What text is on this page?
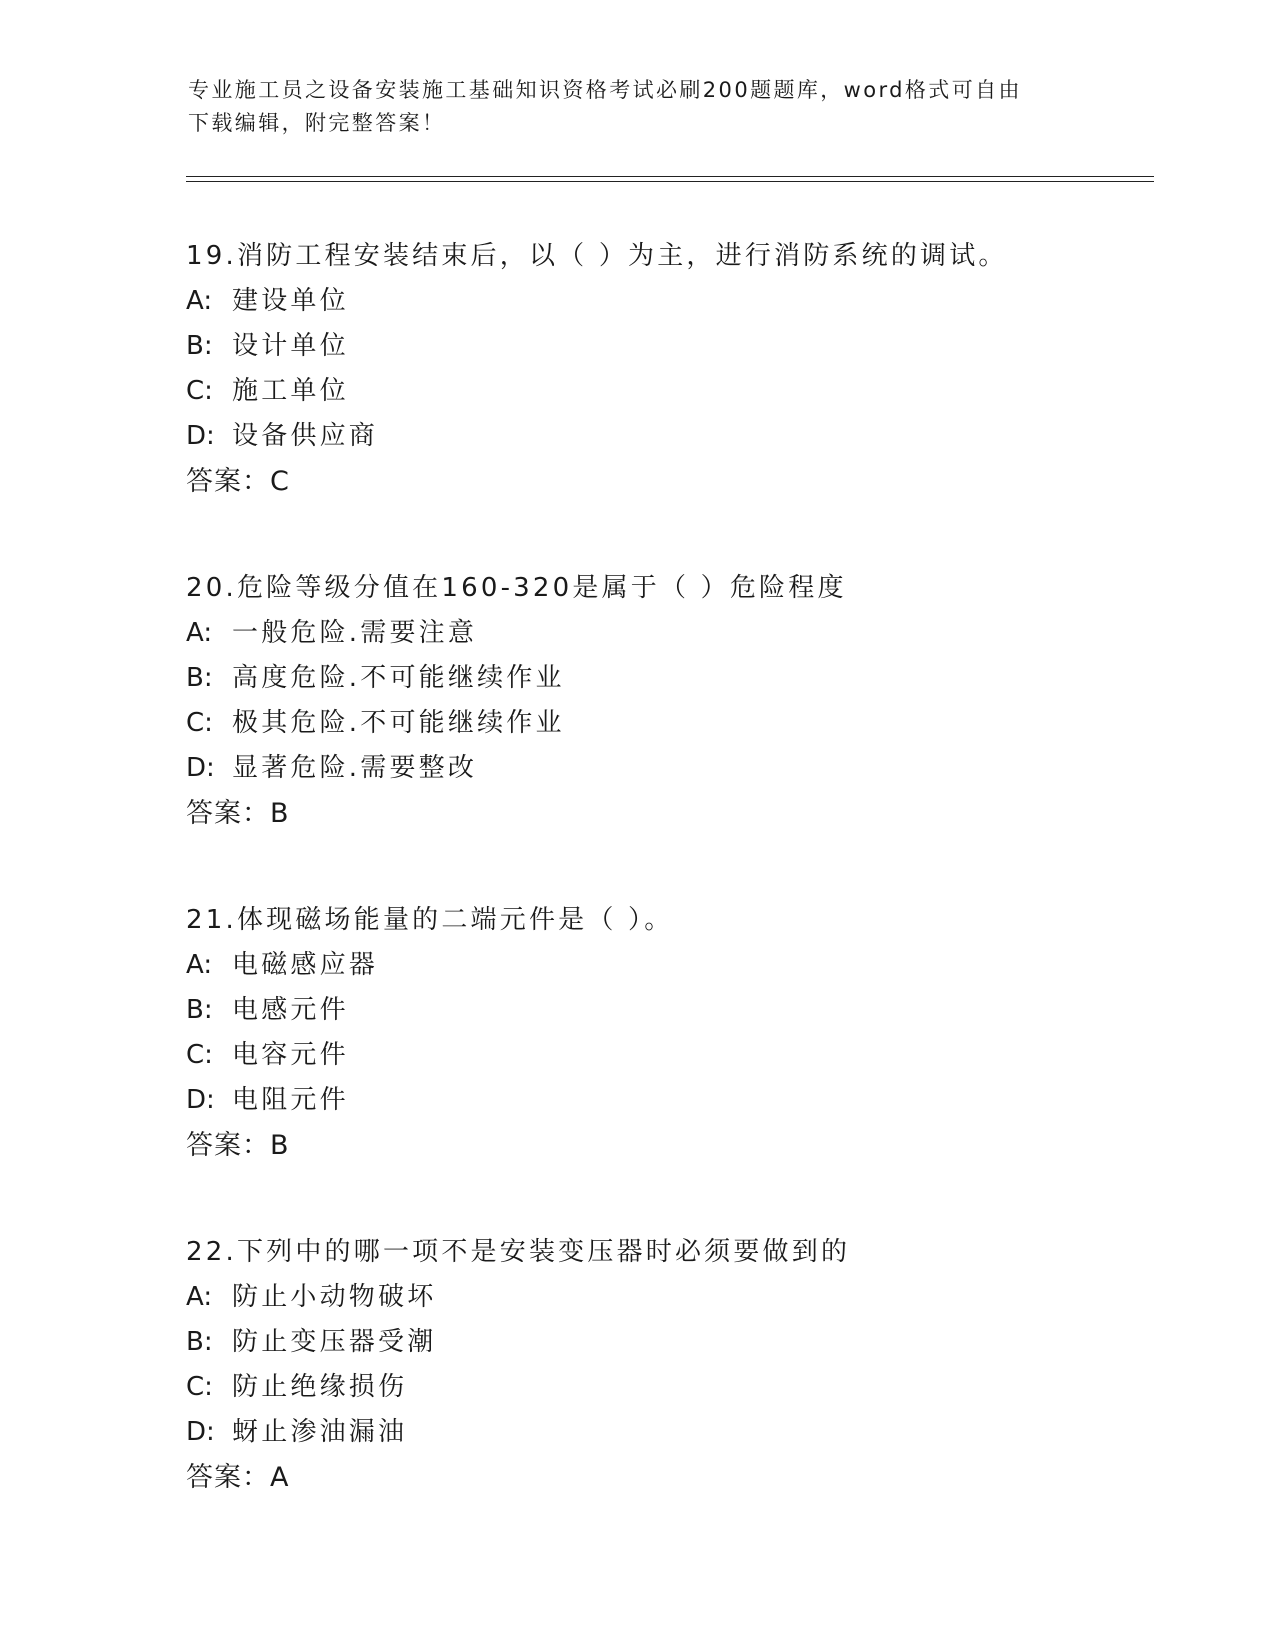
专业施工员之设备安装施工基础知识资格考试必刷200题题库，word格式可自由
下载编辑，附完整答案！
19.消防工程安装结束后，以（ ）为主，进行消防系统的调试。
A: 建设单位
B: 设计单位
C: 施工单位
D: 设备供应商
答案：C
20.危险等级分值在160-320是属于（ ）危险程度
A: 一般危险.需要注意
B: 高度危险.不可能继续作业
C: 极其危险.不可能继续作业
D: 显著危险.需要整改
答案：B
21.体现磁场能量的二端元件是（ ）。
A: 电磁感应器
B: 电感元件
C: 电容元件
D: 电阻元件
答案：B
22.下列中的哪一项不是安装变压器时必须要做到的
A: 防止小动物破坏
B: 防止变压器受潮
C: 防止绝缘损伤
D: 蚜止渗油漏油
答案：A
